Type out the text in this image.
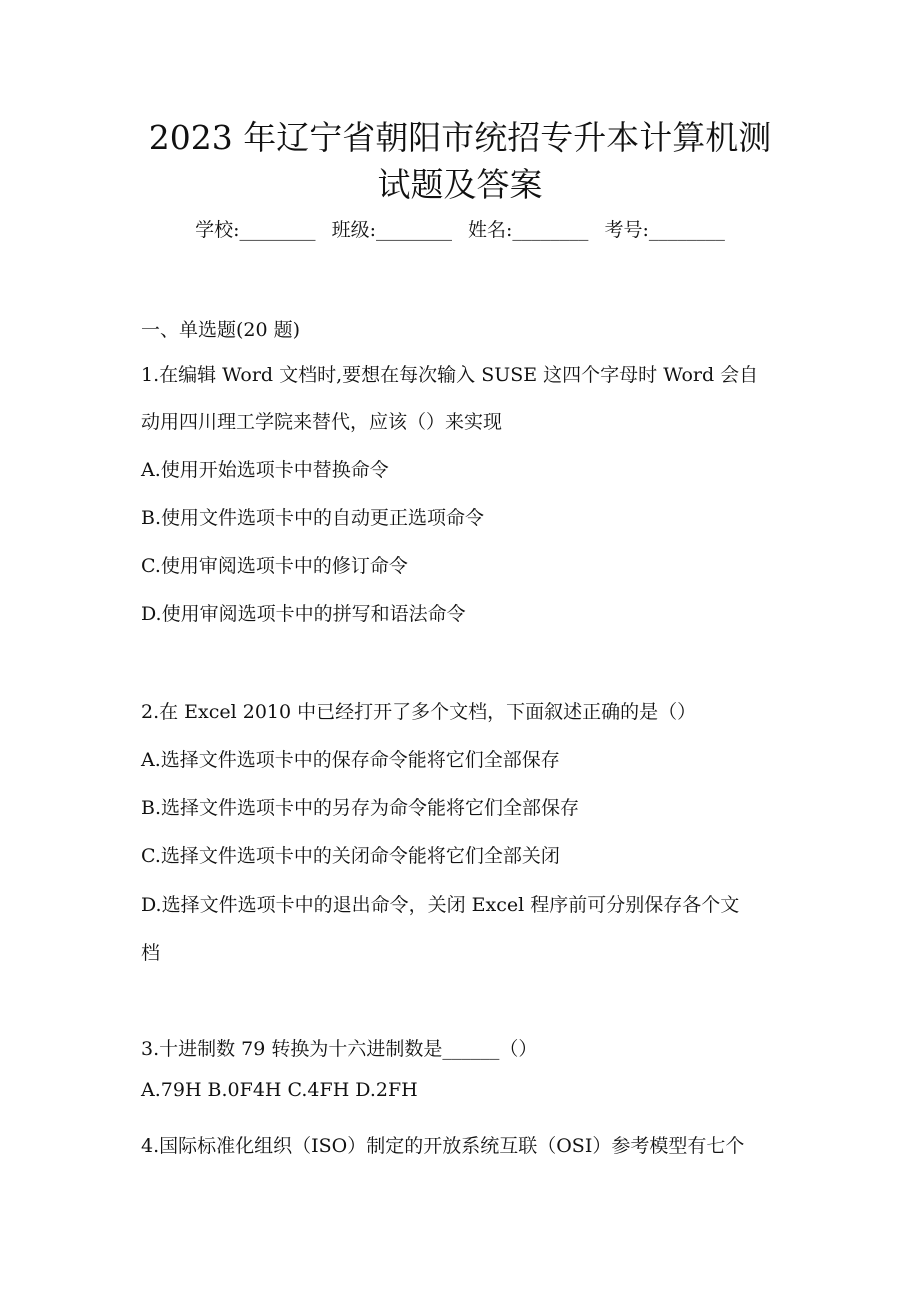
2023 年辽宁省朝阳市统招专升本计算机测
试题及答案
学校:________ 班级:________ 姓名:________ 考号:________
一、单选题(20 题)
1.在编辑 Word 文档时,要想在每次输入 SUSE 这四个字母时 Word 会自
动用四川理工学院来替代，应该（）来实现
A.使用开始选项卡中替换命令
B.使用文件选项卡中的自动更正选项命令
C.使用审阅选项卡中的修订命令
D.使用审阅选项卡中的拼写和语法命令
2.在 Excel 2010 中已经打开了多个文档，下面叙述正确的是（）
A.选择文件选项卡中的保存命令能将它们全部保存
B.选择文件选项卡中的另存为命令能将它们全部保存
C.选择文件选项卡中的关闭命令能将它们全部关闭
D.选择文件选项卡中的退出命令，关闭 Excel 程序前可分别保存各个文
档
3.十进制数 79 转换为十六进制数是______（）
A.79H B.0F4H C.4FH D.2FH
4.国际标准化组织（ISO）制定的开放系统互联（OSI）参考模型有七个
